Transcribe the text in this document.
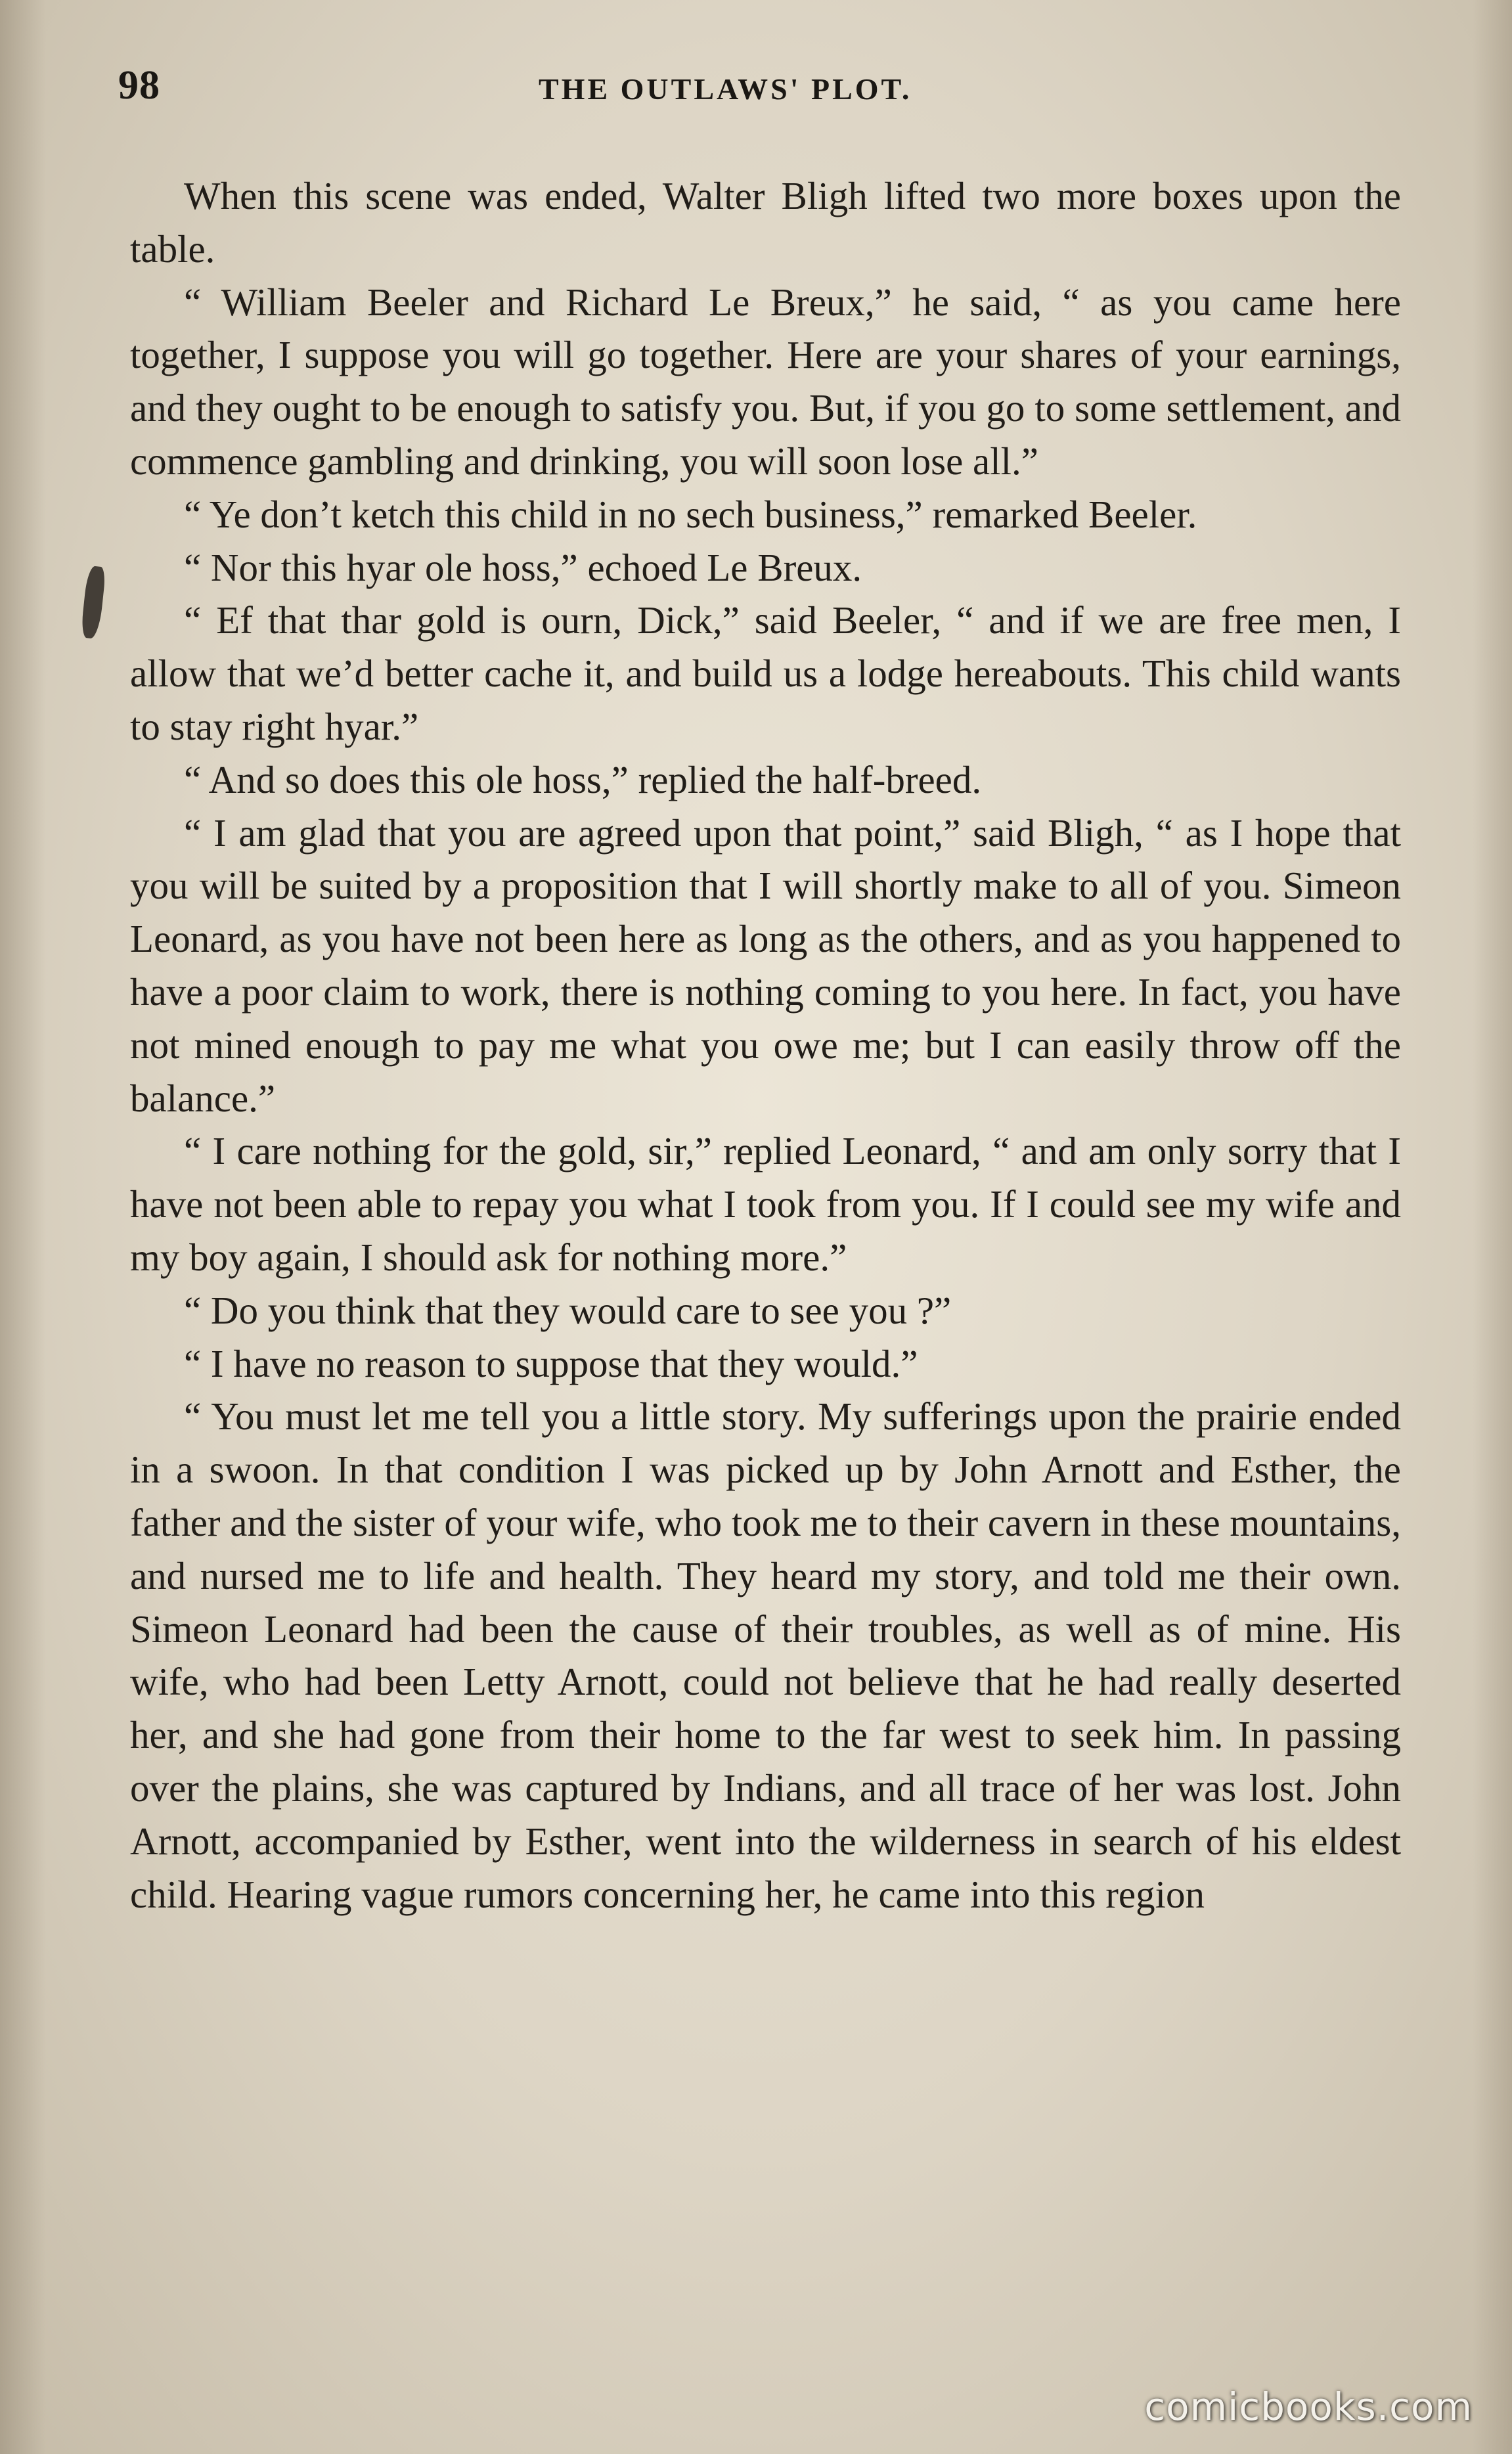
98	THE OUTLAWS' PLOT.

When this scene was ended, Walter Bligh lifted two more boxes upon the table.

“ William Beeler and Richard Le Breux,” he said, “ as you came here together, I suppose you will go together. Here are your shares of your earnings, and they ought to be enough to satisfy you. But, if you go to some settlement, and commence gambling and drinking, you will soon lose all.”

“ Ye don’t ketch this child in no sech business,” remarked Beeler.

“ Nor this hyar ole hoss,” echoed Le Breux.

“ Ef that thar gold is ourn, Dick,” said Beeler, “ and if we are free men, I allow that we’d better cache it, and build us a lodge hereabouts. This child wants to stay right hyar.”

“ And so does this ole hoss,” replied the half-breed.

“ I am glad that you are agreed upon that point,” said Bligh, “ as I hope that you will be suited by a proposition that I will shortly make to all of you. Simeon Leonard, as you have not been here as long as the others, and as you happened to have a poor claim to work, there is nothing coming to you here. In fact, you have not mined enough to pay me what you owe me; but I can easily throw off the balance.”

“ I care nothing for the gold, sir,” replied Leonard, “ and am only sorry that I have not been able to repay you what I took from you. If I could see my wife and my boy again, I should ask for nothing more.”

“ Do you think that they would care to see you ?”

“ I have no reason to suppose that they would.”

“ You must let me tell you a little story. My sufferings upon the prairie ended in a swoon. In that condition I was picked up by John Arnott and Esther, the father and the sister of your wife, who took me to their cavern in these mountains, and nursed me to life and health. They heard my story, and told me their own. Simeon Leonard had been the cause of their troubles, as well as of mine. His wife, who had been Letty Arnott, could not believe that he had really deserted her, and she had gone from their home to the far west to seek him. In passing over the plains, she was captured by Indians, and all trace of her was lost. John Arnott, accompanied by Esther, went into the wilderness in search of his eldest child. Hearing vague rumors concerning her, he came into this region

comicbooks.com
